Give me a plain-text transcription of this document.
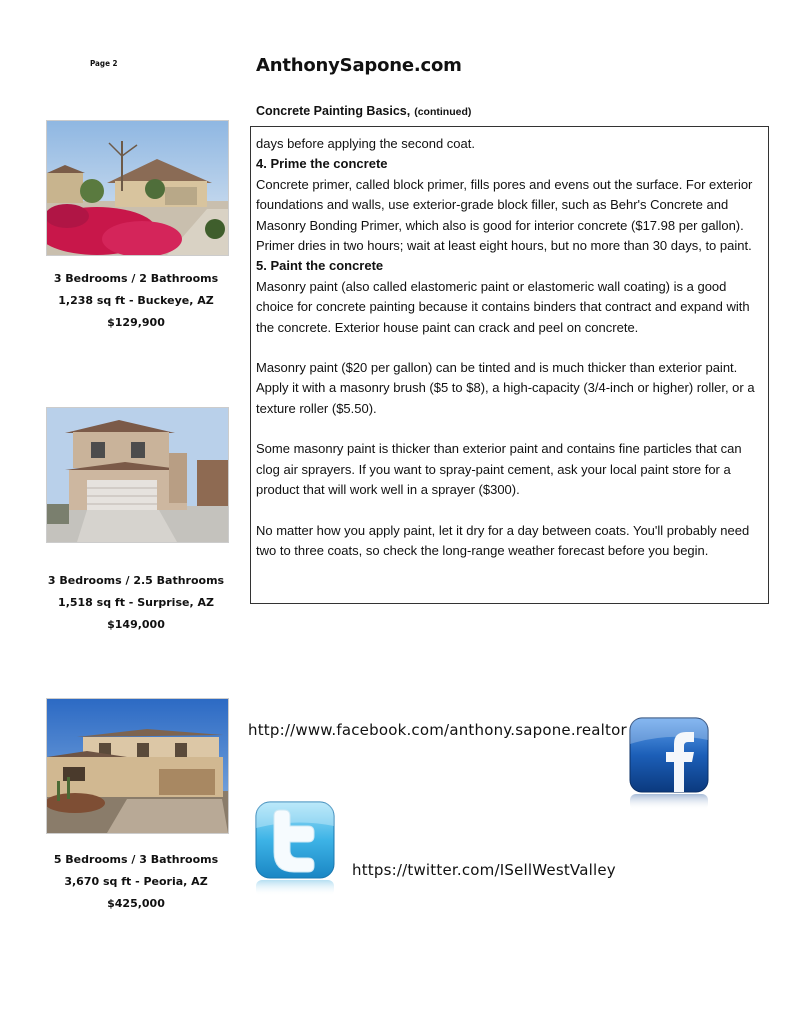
Page 2	AnthonySapone.com
Concrete Painting Basics, (continued)

days before applying the second coat.

4. Prime the concrete

Concrete primer, called block primer, fills pores and evens out the surface. For exterior foundations and walls, use exterior-grade block filler, such as Behr's Concrete and Masonry Bonding Primer, which also is good for interior concrete ($17.98 per gallon). Primer dries in two hours; wait at least eight hours, but no more than 30 days, to paint.

5. Paint the concrete

Masonry paint (also called elastomeric paint or elastomeric wall coating) is a good choice for concrete painting because it contains binders that contract and expand with the concrete. Exterior house paint can crack and peel on concrete.

Masonry paint ($20 per gallon) can be tinted and is much thicker than exterior paint. Apply it with a masonry brush ($5 to $8), a high-capacity (3/4-inch or higher) roller, or a texture roller ($5.50).

Some masonry paint is thicker than exterior paint and contains fine particles that can clog air sprayers. If you want to spray-paint cement, ask your local paint store for a product that will work well in a sprayer ($300).

No matter how you apply paint, let it dry for a day between coats. You'll probably need two to three coats, so check the long-range weather forecast before you begin.

3 Bedrooms / 2 Bathrooms
1,238 sq ft - Buckeye, AZ
$129,900
3 Bedrooms / 2.5 Bathrooms
1,518 sq ft - Surprise, AZ
$149,000
5 Bedrooms / 3 Bathrooms
3,670 sq ft - Peoria, AZ
$425,000
http://www.facebook.com/anthony.sapone.realtor
https://twitter.com/ISellWestValley
